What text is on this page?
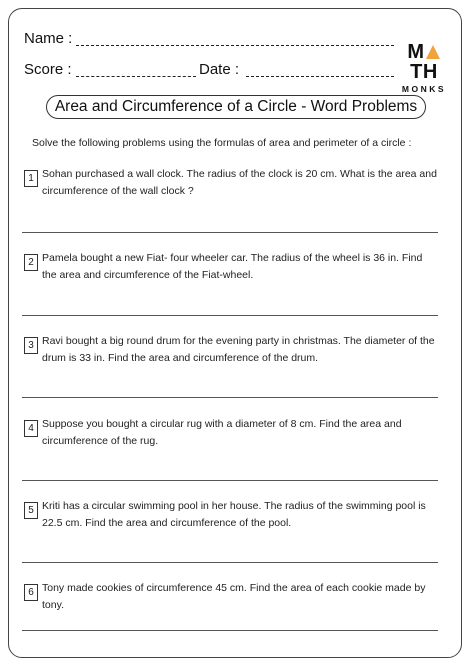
Name :
Score :	Date :
MTH
MONKS
Area and Circumference of a Circle - Word Problems
Solve the following problems using the formulas of area and perimeter of a circle :
1 Sohan purchased a wall clock. The radius of the clock is 20 cm. What is the area and circumference of the wall clock ?
2 Pamela bought a new Fiat- four wheeler car. The radius of the wheel is 36 in. Find the area and circumference of the Fiat-wheel.
3 Ravi bought a big round drum for the evening party in christmas. The diameter of the drum is 33 in. Find the area and circumference of the drum.
4 Suppose you bought a circular rug with a diameter of 8 cm. Find the area and circumference of the rug.
5 Kriti has a circular swimming pool in her house. The radius of the swimming pool is 22.5 cm. Find the area and circumference of the pool.
6 Tony made cookies of circumference 45 cm. Find the area of each cookie made by tony.
